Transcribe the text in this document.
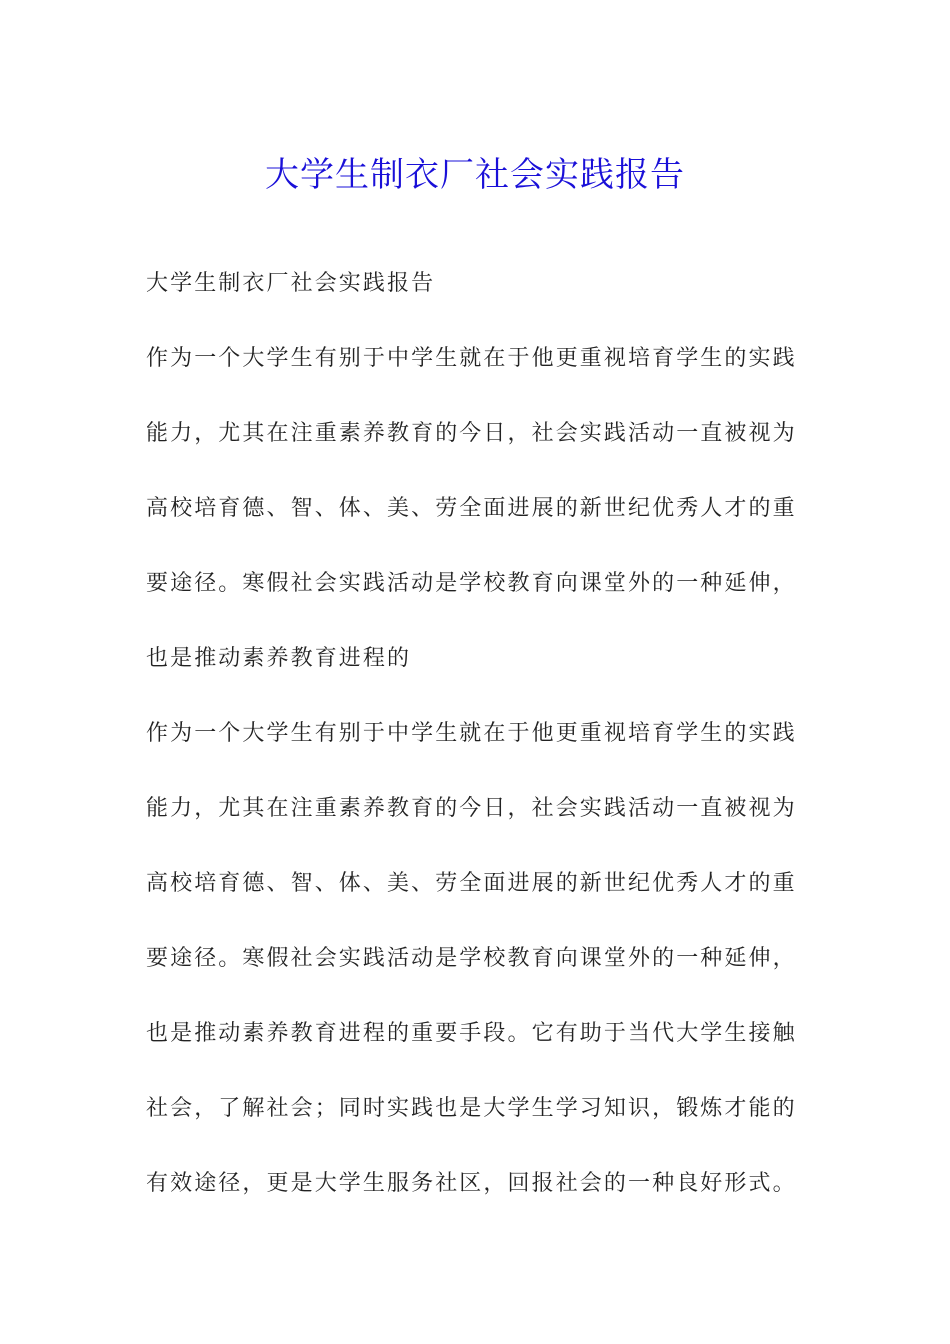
大学生制衣厂社会实践报告
大学生制衣厂社会实践报告
作为一个大学生有别于中学生就在于他更重视培育学生的实践
能力，尤其在注重素养教育的今日，社会实践活动一直被视为
高校培育德、智、体、美、劳全面进展的新世纪优秀人才的重
要途径。寒假社会实践活动是学校教育向课堂外的一种延伸，
也是推动素养教育进程的
作为一个大学生有别于中学生就在于他更重视培育学生的实践
能力，尤其在注重素养教育的今日，社会实践活动一直被视为
高校培育德、智、体、美、劳全面进展的新世纪优秀人才的重
要途径。寒假社会实践活动是学校教育向课堂外的一种延伸，
也是推动素养教育进程的重要手段。它有助于当代大学生接触
社会，了解社会；同时实践也是大学生学习知识，锻炼才能的
有效途径，更是大学生服务社区，回报社会的一种良好形式。
